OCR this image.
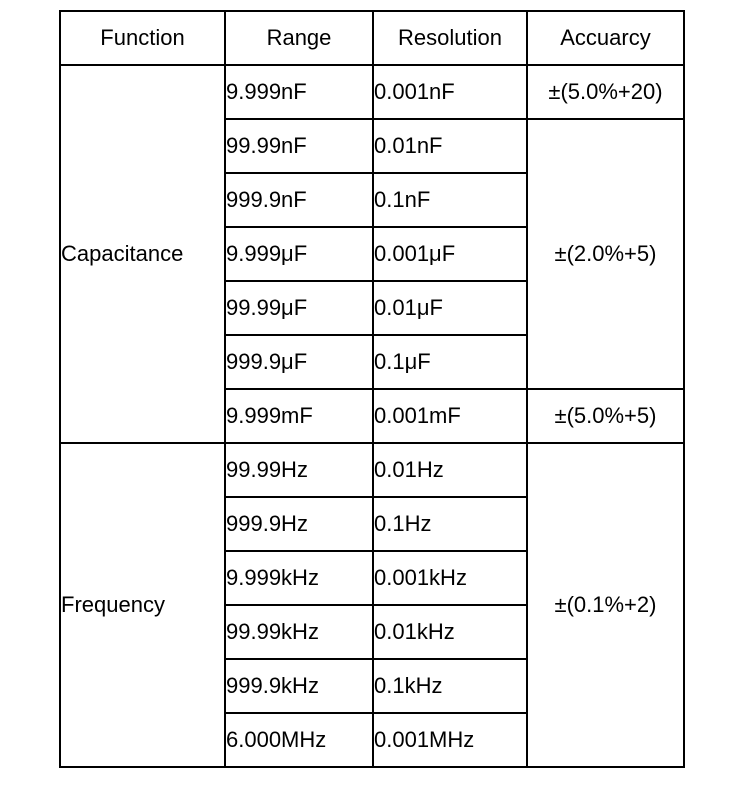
Function	Range	Resolution	Accuarcy
Capacitance	9.999nF	0.001nF	±(5.0%+20)
	99.99nF	0.01nF	±(2.0%+5)
	999.9nF	0.1nF	
	9.999μF	0.001μF	
	99.99μF	0.01μF	
	999.9μF	0.1μF	
	9.999mF	0.001mF	±(5.0%+5)
Frequency	99.99Hz	0.01Hz	±(0.1%+2)
	999.9Hz	0.1Hz	
	9.999kHz	0.001kHz	
	99.99kHz	0.01kHz	
	999.9kHz	0.1kHz	
	6.000MHz	0.001MHz	
